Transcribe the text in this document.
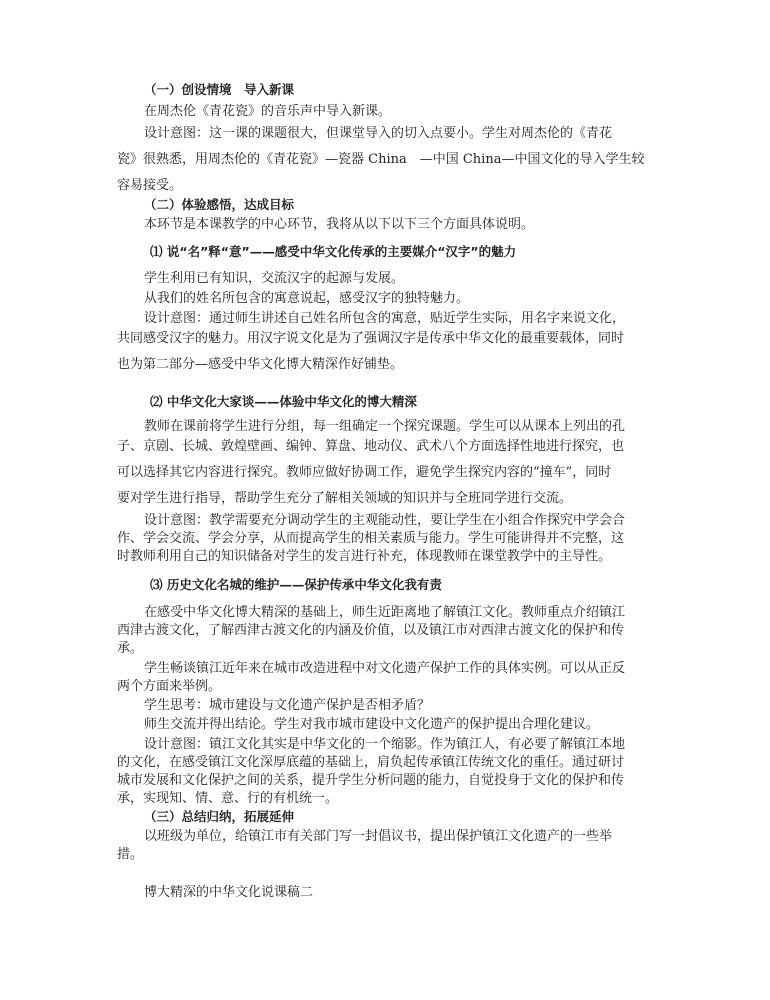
（一）创设情境　导入新课
在周杰伦《青花瓷》的音乐声中导入新课。
设计意图：这一课的课题很大，但课堂导入的切入点要小。学生对周杰伦的《青花
瓷》很熟悉，用周杰伦的《青花瓷》—瓷器 China　—中国 China—中国文化的导入学生较
容易接受。
（二）体验感悟，达成目标
本环节是本课教学的中心环节，我将从以下以下三个方面具体说明。
⑴ 说“名”释“意”——感受中华文化传承的主要媒介“汉字”的魅力
学生利用已有知识，交流汉字的起源与发展。
从我们的姓名所包含的寓意说起，感受汉字的独特魅力。
设计意图：通过师生讲述自己姓名所包含的寓意，贴近学生实际，用名字来说文化，
共同感受汉字的魅力。用汉字说文化是为了强调汉字是传承中华文化的最重要载体，同时
也为第二部分—感受中华文化博大精深作好铺垫。
⑵ 中华文化大家谈——体验中华文化的博大精深
教师在课前将学生进行分组，每一组确定一个探究课题。学生可以从课本上列出的孔
子、京剧、长城、敦煌壁画、编钟、算盘、地动仪、武术八个方面选择性地进行探究，也
可以选择其它内容进行探究。教师应做好协调工作，避免学生探究内容的“撞车”，同时
要对学生进行指导，帮助学生充分了解相关领域的知识并与全班同学进行交流。
设计意图：教学需要充分调动学生的主观能动性，要让学生在小组合作探究中学会合
作、学会交流、学会分享，从而提高学生的相关素质与能力。学生可能讲得并不完整，这
时教师利用自己的知识储备对学生的发言进行补充，体现教师在课堂教学中的主导性。
⑶ 历史文化名城的维护——保护传承中华文化我有责
在感受中华文化博大精深的基础上，师生近距离地了解镇江文化。教师重点介绍镇江
西津古渡文化，了解西津古渡文化的内涵及价值，以及镇江市对西津古渡文化的保护和传
承。
学生畅谈镇江近年来在城市改造进程中对文化遗产保护工作的具体实例。可以从正反
两个方面来举例。
学生思考：城市建设与文化遗产保护是否相矛盾？
师生交流并得出结论。学生对我市城市建设中文化遗产的保护提出合理化建议。
设计意图：镇江文化其实是中华文化的一个缩影。作为镇江人，有必要了解镇江本地
的文化，在感受镇江文化深厚底蕴的基础上，肩负起传承镇江传统文化的重任。通过研讨
城市发展和文化保护之间的关系，提升学生分析问题的能力，自觉投身于文化的保护和传
承，实现知、情、意、行的有机统一。
（三）总结归纳，拓展延伸
以班级为单位，给镇江市有关部门写一封倡议书，提出保护镇江文化遗产的一些举
措。
博大精深的中华文化说课稿二
